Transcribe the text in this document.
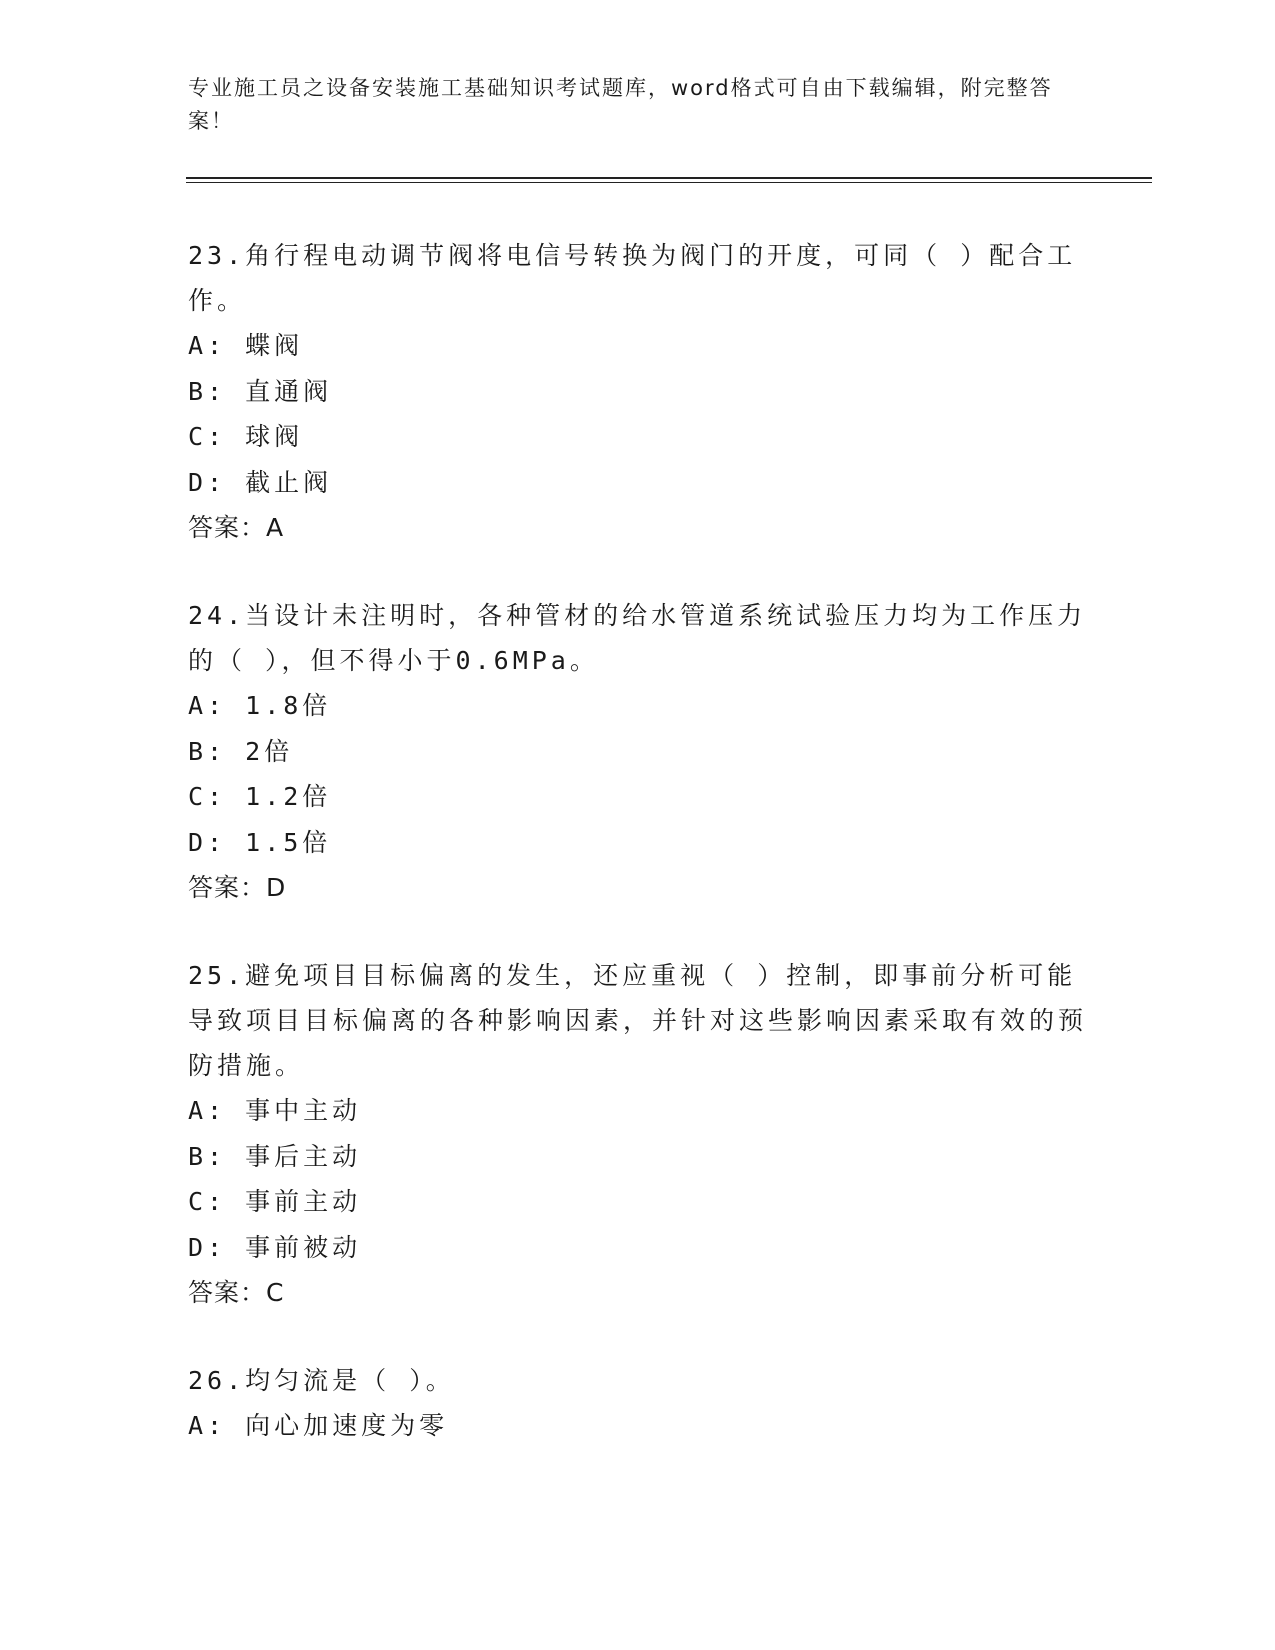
专业施工员之设备安装施工基础知识考试题库，word格式可自由下载编辑，附完整答案！
23.角行程电动调节阀将电信号转换为阀门的开度，可同（ ）配合工作。
A: 蝶阀
B: 直通阀
C: 球阀
D: 截止阀
答案：A
24.当设计未注明时，各种管材的给水管道系统试验压力均为工作压力的（ ），但不得小于0.6MPa。
A: 1.8倍
B: 2倍
C: 1.2倍
D: 1.5倍
答案：D
25.避免项目目标偏离的发生，还应重视（ ）控制，即事前分析可能导致项目目标偏离的各种影响因素，并针对这些影响因素采取有效的预防措施。
A: 事中主动
B: 事后主动
C: 事前主动
D: 事前被动
答案：C
26.均匀流是（ ）。
A: 向心加速度为零
